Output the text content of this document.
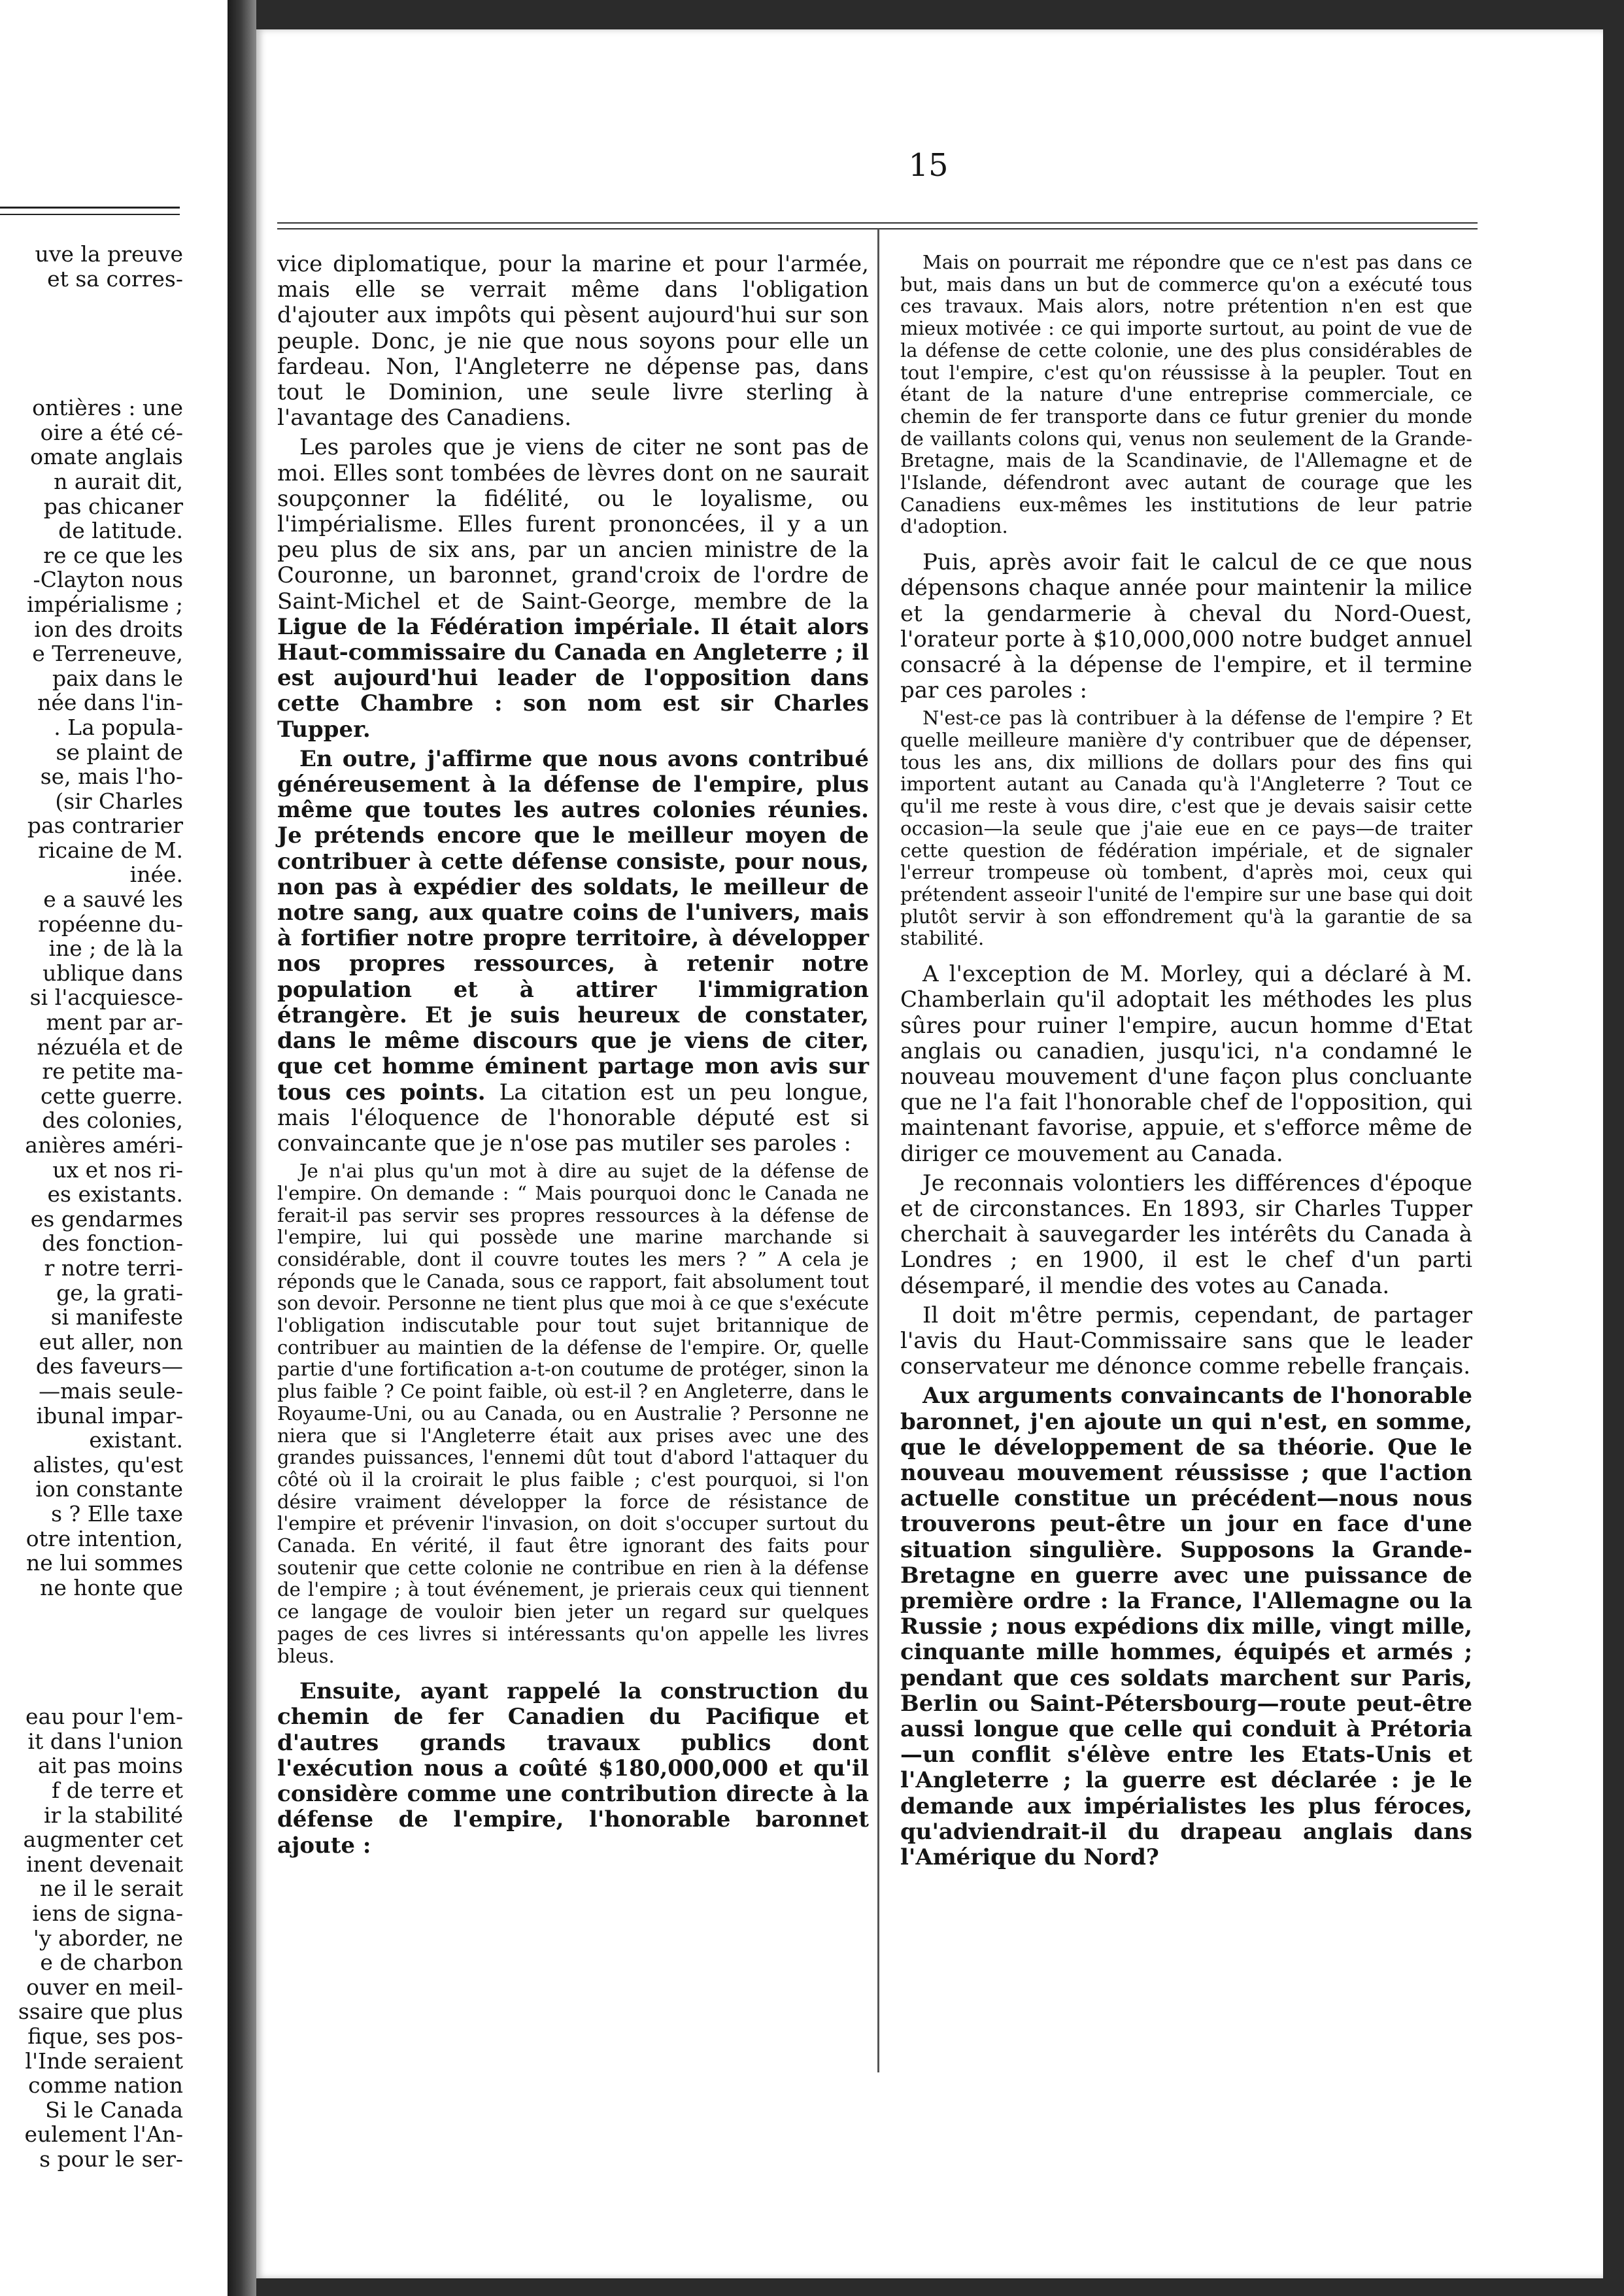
uve la preuve
et sa corres-
ontières : une
oire a été cé-
omate anglais
n aurait dit,
pas chicaner
de latitude.
re ce que les
-Clayton nous
impérialisme ;
ion des droits
e Terreneuve,
paix dans le
née dans l'in-
. La popula-
se plaint de
se, mais l'ho-
(sir Charles
pas contrarier
ricaine de M.
inée.
e a sauvé les
ropéenne du-
ine ; de là la
ublique dans
si l'acquiesce-
ment par ar-
nézuéla et de
re petite ma-
cette guerre.
des colonies,
anières améri-
ux et nos ri-
es existants.
es gendarmes
des fonction-
r notre terri-
ge, la grati-
si manifeste
eut aller, non
des faveurs—
—mais seule-
ibunal impar-
existant.
alistes, qu'est
ion constante
s ? Elle taxe
otre intention,
ne lui sommes
ne honte que
eau pour l'em-
it dans l'union
ait pas moins
f de terre et
ir la stabilité
augmenter cet
inent devenait
ne il le serait
iens de signa-
'y aborder, ne
e de charbon
ouver en meil-
ssaire que plus
fique, ses pos-
l'Inde seraient
comme nation
Si le Canada
eulement l'An-
s pour le ser-
15

vice diplomatique, pour la marine et pour l'armée, mais elle se verrait même dans l'obligation d'ajouter aux impôts qui pèsent aujourd'hui sur son peuple. Donc, je nie que nous soyons pour elle un fardeau. Non, l'Angleterre ne dépense pas, dans tout le Dominion, une seule livre sterling à l'avantage des Canadiens.

Les paroles que je viens de citer ne sont pas de moi. Elles sont tombées de lèvres dont on ne saurait soupçonner la fidélité, ou le loyalisme, ou l'impérialisme. Elles furent prononcées, il y a un peu plus de six ans, par un ancien ministre de la Couronne, un baronnet, grand'croix de l'ordre de Saint-Michel et de Saint-George, membre de la Ligue de la Fédération impériale. Il était alors Haut-commissaire du Canada en Angleterre ; il est aujourd'hui leader de l'opposition dans cette Chambre : son nom est sir Charles Tupper.

En outre, j'affirme que nous avons contribué généreusement à la défense de l'empire, plus même que toutes les autres colonies réunies. Je prétends encore que le meilleur moyen de contribuer à cette défense consiste, pour nous, non pas à expédier des soldats, le meilleur de notre sang, aux quatre coins de l'univers, mais à fortifier notre propre territoire, à développer nos propres ressources, à retenir notre population et à attirer l'immigration étrangère. Et je suis heureux de constater, dans le même discours que je viens de citer, que cet homme éminent partage mon avis sur tous ces points. La citation est un peu longue, mais l'éloquence de l'honorable député est si convaincante que je n'ose pas mutiler ses paroles :

Je n'ai plus qu'un mot à dire au sujet de la défense de l'empire. On demande : “ Mais pourquoi donc le Canada ne ferait-il pas servir ses propres ressources à la défense de l'empire, lui qui possède une marine marchande si considérable, dont il couvre toutes les mers ? ” A cela je réponds que le Canada, sous ce rapport, fait absolument tout son devoir. Personne ne tient plus que moi à ce que s'exécute l'obligation indiscutable pour tout sujet britannique de contribuer au maintien de la défense de l'empire. Or, quelle partie d'une fortification a-t-on coutume de protéger, sinon la plus faible ? Ce point faible, où est-il ? en Angleterre, dans le Royaume-Uni, ou au Canada, ou en Australie ? Personne ne niera que si l'Angleterre était aux prises avec une des grandes puissances, l'ennemi dût tout d'abord l'attaquer du côté où il la croirait le plus faible ; c'est pourquoi, si l'on désire vraiment développer la force de résistance de l'empire et prévenir l'invasion, on doit s'occuper surtout du Canada. En vérité, il faut être ignorant des faits pour soutenir que cette colonie ne contribue en rien à la défense de l'empire ; à tout événement, je prierais ceux qui tiennent ce langage de vouloir bien jeter un regard sur quelques pages de ces livres si intéressants qu'on appelle les livres bleus.

Ensuite, ayant rappelé la construction du chemin de fer Canadien du Pacifique et d'autres grands travaux publics dont l'exécution nous a coûté $180,000,000 et qu'il considère comme une contribution directe à la défense de l'empire, l'honorable baronnet ajoute :

Mais on pourrait me répondre que ce n'est pas dans ce but, mais dans un but de commerce qu'on a exécuté tous ces travaux. Mais alors, notre prétention n'en est que mieux motivée : ce qui importe surtout, au point de vue de la défense de cette colonie, une des plus considérables de tout l'empire, c'est qu'on réussisse à la peupler. Tout en étant de la nature d'une entreprise commerciale, ce chemin de fer transporte dans ce futur grenier du monde de vaillants colons qui, venus non seulement de la Grande-Bretagne, mais de la Scandinavie, de l'Allemagne et de l'Islande, défendront avec autant de courage que les Canadiens eux-mêmes les institutions de leur patrie d'adoption.

Puis, après avoir fait le calcul de ce que nous dépensons chaque année pour maintenir la milice et la gendarmerie à cheval du Nord-Ouest, l'orateur porte à $10,000,000 notre budget annuel consacré à la dépense de l'empire, et il termine par ces paroles :

N'est-ce pas là contribuer à la défense de l'empire ? Et quelle meilleure manière d'y contribuer que de dépenser, tous les ans, dix millions de dollars pour des fins qui importent autant au Canada qu'à l'Angleterre ? Tout ce qu'il me reste à vous dire, c'est que je devais saisir cette occasion—la seule que j'aie eue en ce pays—de traiter cette question de fédération impériale, et de signaler l'erreur trompeuse où tombent, d'après moi, ceux qui prétendent asseoir l'unité de l'empire sur une base qui doit plutôt servir à son effondrement qu'à la garantie de sa stabilité.

A l'exception de M. Morley, qui a déclaré à M. Chamberlain qu'il adoptait les méthodes les plus sûres pour ruiner l'empire, aucun homme d'Etat anglais ou canadien, jusqu'ici, n'a condamné le nouveau mouvement d'une façon plus concluante que ne l'a fait l'honorable chef de l'opposition, qui maintenant favorise, appuie, et s'efforce même de diriger ce mouvement au Canada.

Je reconnais volontiers les différences d'époque et de circonstances. En 1893, sir Charles Tupper cherchait à sauvegarder les intérêts du Canada à Londres ; en 1900, il est le chef d'un parti désemparé, il mendie des votes au Canada.

Il doit m'être permis, cependant, de partager l'avis du Haut-Commissaire sans que le leader conservateur me dénonce comme rebelle français.

Aux arguments convaincants de l'honorable baronnet, j'en ajoute un qui n'est, en somme, que le développement de sa théorie. Que le nouveau mouvement réussisse ; que l'action actuelle constitue un précédent—nous nous trouverons peut-être un jour en face d'une situation singulière. Supposons la Grande-Bretagne en guerre avec une puissance de première ordre : la France, l'Allemagne ou la Russie ; nous expédions dix mille, vingt mille, cinquante mille hommes, équipés et armés ; pendant que ces soldats marchent sur Paris, Berlin ou Saint-Pétersbourg—route peut-être aussi longue que celle qui conduit à Prétoria—un conflit s'élève entre les Etats-Unis et l'Angleterre ; la guerre est déclarée : je le demande aux impérialistes les plus féroces, qu'adviendrait-il du drapeau anglais dans l'Amérique du Nord?
